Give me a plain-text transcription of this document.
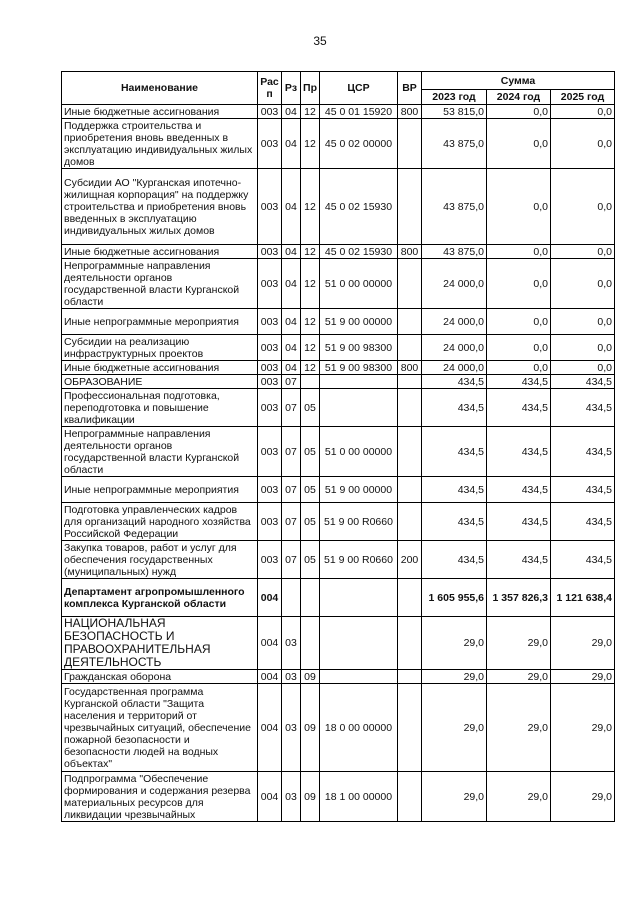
35
Наименование	Рас п	Рз	Пр	ЦСР	ВР	Сумма		
						2023 год	2024 год	2025 год
Иные бюджетные ассигнования	003	04	12	45 0 01 15920	800	53 815,0	0,0	0,0
Поддержка строительства и приобретения вновь введенных в эксплуатацию индивидуальных жилых домов	003	04	12	45 0 02 00000		43 875,0	0,0	0,0
Субсидии АО "Курганская ипотечно-жилищная корпорация" на поддержку строительства и приобретения вновь введенных в эксплуатацию индивидуальных жилых домов	003	04	12	45 0 02 15930		43 875,0	0,0	0,0
Иные бюджетные ассигнования	003	04	12	45 0 02 15930	800	43 875,0	0,0	0,0
Непрограммные направления деятельности органов государственной власти Курганской области	003	04	12	51 0 00 00000		24 000,0	0,0	0,0
Иные непрограммные мероприятия	003	04	12	51 9 00 00000		24 000,0	0,0	0,0
Субсидии на реализацию инфраструктурных проектов	003	04	12	51 9 00 98300		24 000,0	0,0	0,0
Иные бюджетные ассигнования	003	04	12	51 9 00 98300	800	24 000,0	0,0	0,0
ОБРАЗОВАНИЕ	003	07				434,5	434,5	434,5
Профессиональная подготовка, переподготовка и повышение квалификации	003	07	05			434,5	434,5	434,5
Непрограммные направления деятельности органов государственной власти Курганской области	003	07	05	51 0 00 00000		434,5	434,5	434,5
Иные непрограммные мероприятия	003	07	05	51 9 00 00000		434,5	434,5	434,5
Подготовка управленческих кадров для организаций народного хозяйства Российской Федерации	003	07	05	51 9 00 R0660		434,5	434,5	434,5
Закупка товаров, работ и услуг для обеспечения государственных (муниципальных) нужд	003	07	05	51 9 00 R0660	200	434,5	434,5	434,5
Департамент агропромышленного комплекса Курганской области	004					1 605 955,6	1 357 826,3	1 121 638,4
НАЦИОНАЛЬНАЯ БЕЗОПАСНОСТЬ И ПРАВООХРАНИТЕЛЬНАЯ ДЕЯТЕЛЬНОСТЬ	004	03				29,0	29,0	29,0
Гражданская оборона	004	03	09			29,0	29,0	29,0
Государственная программа Курганской области "Защита населения и территорий от чрезвычайных ситуаций, обеспечение пожарной безопасности и безопасности людей на водных объектах"	004	03	09	18 0 00 00000		29,0	29,0	29,0
Подпрограмма "Обеспечение формирования и содержания резерва материальных ресурсов для ликвидации чрезвычайных	004	03	09	18 1 00 00000		29,0	29,0	29,0
